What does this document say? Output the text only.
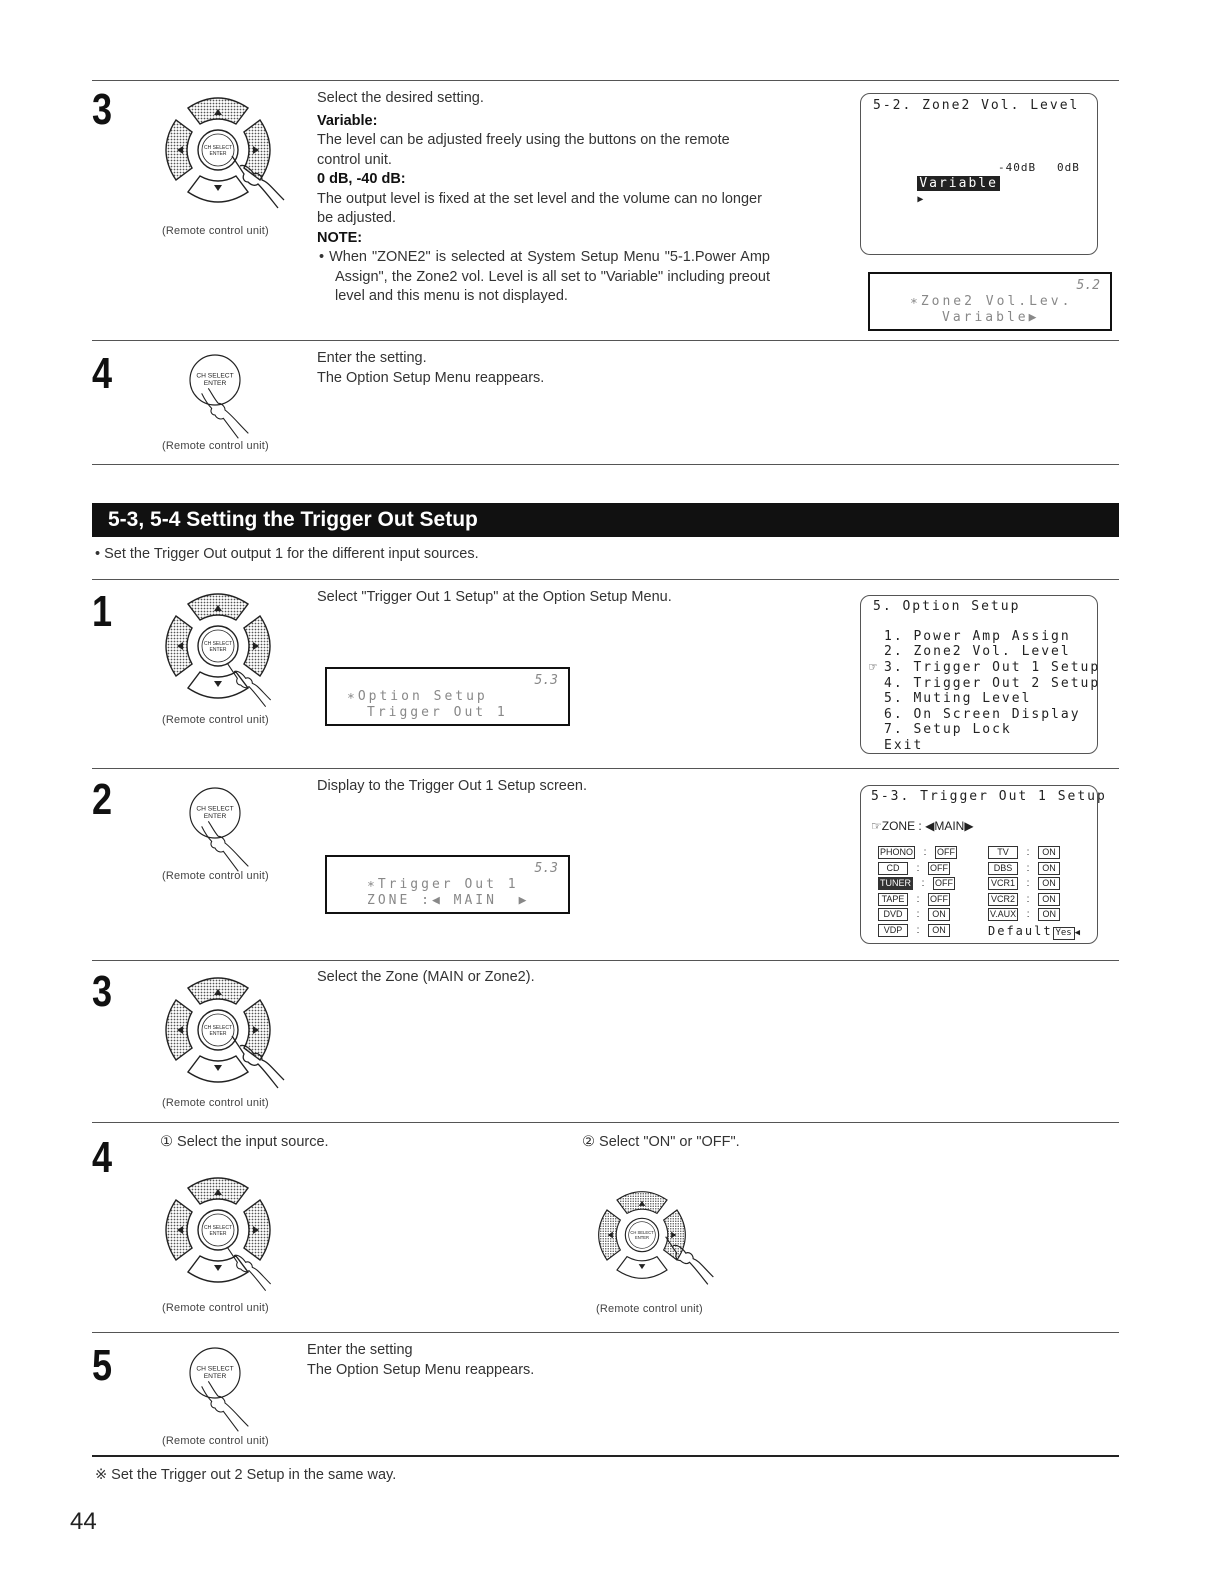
3
(Remote control unit)
Select the desired setting.
Variable:
The level can be adjusted freely using the buttons on the remote control unit.
0 dB, -40 dB:
The output level is fixed at the set level and the volume can no longer be adjusted.
NOTE:
• When "ZONE2" is selected at System Setup Menu "5-1.Power Amp Assign", the Zone2 vol. Level is all set to "Variable" including preout level and this menu is not displayed.
5-2. Zone2 Vol. Level

Variable
▶

-40dB 0dB
5.2
∗Zone2 Vol.Lev.
Variable▶
4
(Remote control unit)
Enter the setting.
The Option Setup Menu reappears.
5-3, 5-4 Setting the Trigger Out Setup
• Set the Trigger Out output 1 for the different input sources.
1
(Remote control unit)
Select "Trigger Out 1 Setup" at the Option Setup Menu.
5.3
∗Option Setup
Trigger Out 1
5. Option Setup
1. Power Amp Assign
2. Zone2 Vol. Level
☞ 3. Trigger Out 1 Setup
4. Trigger Out 2 Setup
5. Muting Level
6. On Screen Display
7. Setup Lock
Exit
2
(Remote control unit)
Display to the Trigger Out 1 Setup screen.
5.3
∗Trigger Out 1
ZONE :◀ MAIN  ▶
5-3. Trigger Out 1 Setup
☞ZONE : ◀MAIN▶
PHONO : OFF
CD : OFF
TUNER : OFF
TAPE : OFF
DVD : ON
VDP : ON
TV : ON
DBS : ON
VCR1 : ON
VCR2 : ON
V.AUX : ON
Default Yes ◀
3
(Remote control unit)
Select the Zone (MAIN or Zone2).
4	① Select the input source.	② Select "ON" or "OFF".
(Remote control unit)	(Remote control unit)
5
(Remote control unit)
Enter the setting
The Option Setup Menu reappears.
※ Set the Trigger out 2 Setup in the same way.
44
